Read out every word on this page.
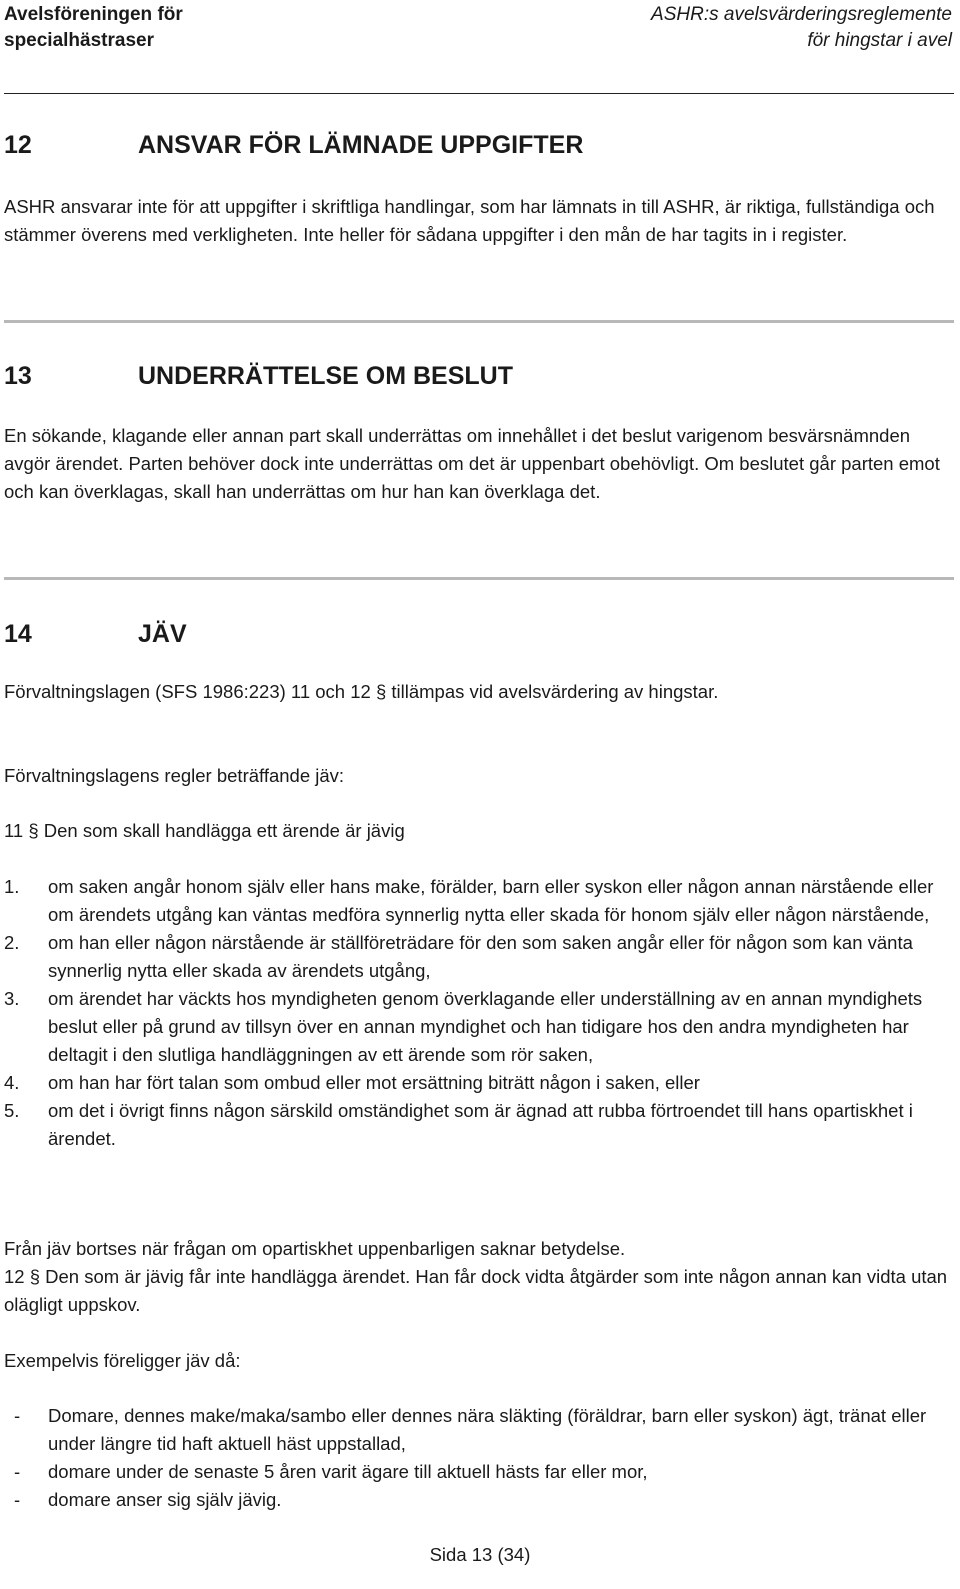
Avelsföreningen för
specialhästraser
ASHR:s avelsvärderingsreglemente
för hingstar i avel
12	ANSVAR FÖR LÄMNADE UPPGIFTER
ASHR ansvarar inte för att uppgifter i skriftliga handlingar, som har lämnats in till ASHR, är riktiga, fullständiga och stämmer överens med verkligheten. Inte heller för sådana uppgifter i den mån de har tagits in i register.
13	UNDERRÄTTELSE OM BESLUT
En sökande, klagande eller annan part skall underrättas om innehållet i det beslut varigenom besvärsnämnden avgör ärendet. Parten behöver dock inte underrättas om det är uppenbart obehövligt. Om beslutet går parten emot och kan överklagas, skall han underrättas om hur han kan överklaga det.
14	JÄV
Förvaltningslagen (SFS 1986:223) 11 och 12 § tillämpas vid avelsvärdering av hingstar.
Förvaltningslagens regler beträffande jäv:
11 § Den som skall handlägga ett ärende är jävig
1. om saken angår honom själv eller hans make, förälder, barn eller syskon eller någon annan närstående eller om ärendets utgång kan väntas medföra synnerlig nytta eller skada för honom själv eller någon närstående,
2. om han eller någon närstående är ställföreträdare för den som saken angår eller för någon som kan vänta synnerlig nytta eller skada av ärendets utgång,
3. om ärendet har väckts hos myndigheten genom överklagande eller underställning av en annan myndighets beslut eller på grund av tillsyn över en annan myndighet och han tidigare hos den andra myndigheten har deltagit i den slutliga handläggningen av ett ärende som rör saken,
4. om han har fört talan som ombud eller mot ersättning biträtt någon i saken, eller
5. om det i övrigt finns någon särskild omständighet som är ägnad att rubba förtroendet till hans opartiskhet i ärendet.
Från jäv bortses när frågan om opartiskhet uppenbarligen saknar betydelse.
12 § Den som är jävig får inte handlägga ärendet. Han får dock vidta åtgärder som inte någon annan kan vidta utan olägligt uppskov.
Exempelvis föreligger jäv då:
- Domare, dennes make/maka/sambo eller dennes nära släkting (föräldrar, barn eller syskon) ägt, tränat eller under längre tid haft aktuell häst uppstallad,
- domare under de senaste 5 åren varit ägare till aktuell hästs far eller mor,
- domare anser sig själv jävig.
Sida 13 (34)
